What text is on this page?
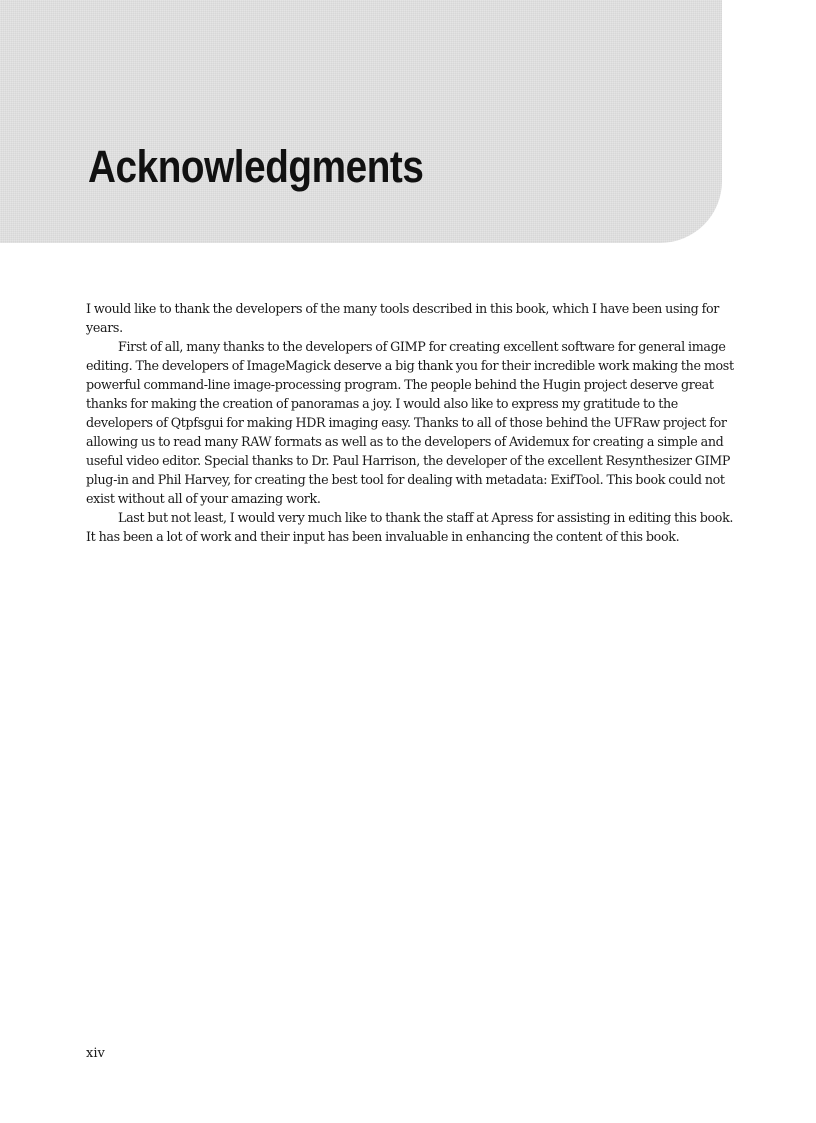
Acknowledgments

I would like to thank the developers of the many tools described in this book, which I have been using for years.

First of all, many thanks to the developers of GIMP for creating excellent software for general image editing. The developers of ImageMagick deserve a big thank you for their incredible work making the most powerful command-line image-processing program. The people behind the Hugin project deserve great thanks for making the creation of panoramas a joy. I would also like to express my gratitude to the developers of Qtpfsgui for making HDR imaging easy. Thanks to all of those behind the UFRaw project for allowing us to read many RAW formats as well as to the developers of Avidemux for creating a simple and useful video editor. Special thanks to Dr. Paul Harrison, the developer of the excellent Resynthesizer GIMP plug-in and Phil Harvey, for creating the best tool for dealing with metadata: ExifTool. This book could not exist without all of your amazing work.

Last but not least, I would very much like to thank the staff at Apress for assisting in editing this book. It has been a lot of work and their input has been invaluable in enhancing the content of this book.

xiv
